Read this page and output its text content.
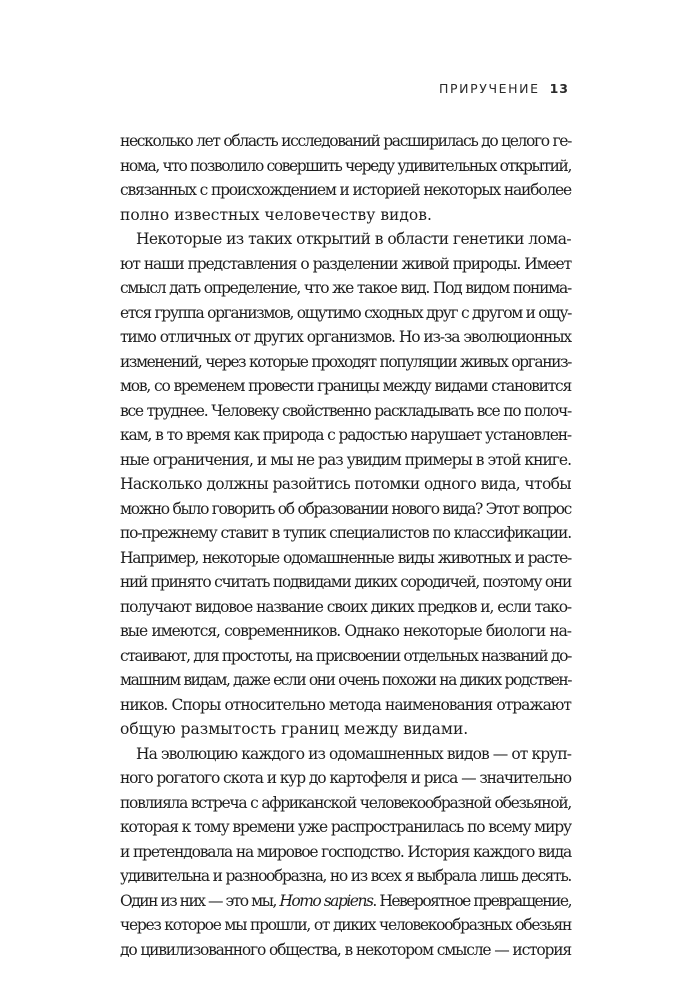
ПРИРУЧЕНИЕ 13
несколько лет область исследований расширилась до целого ге-
нома, что позволило совершить череду удивительных открытий,
связанных с происхождением и историей некоторых наиболее
полно известных человечеству видов.
Некоторые из таких открытий в области генетики лома-
ют наши представления о разделении живой природы. Имеет
смысл дать определение, что же такое вид. Под видом понима-
ется группа организмов, ощутимо сходных друг с другом и ощу-
тимо отличных от других организмов. Но из-за эволюционных
изменений, через которые проходят популяции живых организ-
мов, со временем провести границы между видами становится
все труднее. Человеку свойственно раскладывать все по полоч-
кам, в то время как природа с радостью нарушает установлен-
ные ограничения, и мы не раз увидим примеры в этой книге.
Насколько должны разойтись потомки одного вида, чтобы
можно было говорить об образовании нового вида? Этот вопрос
по-прежнему ставит в тупик специалистов по классификации.
Например, некоторые одомашненные виды животных и расте-
ний принято считать подвидами диких сородичей, поэтому они
получают видовое название своих диких предков и, если тако-
вые имеются, современников. Однако некоторые биологи на-
стаивают, для простоты, на присвоении отдельных названий до-
машним видам, даже если они очень похожи на диких родствен-
ников. Споры относительно метода наименования отражают
общую размытость границ между видами.
На эволюцию каждого из одомашненных видов — от круп-
ного рогатого скота и кур до картофеля и риса — значительно
повлияла встреча с африканской человекообразной обезьяной,
которая к тому времени уже распространилась по всему миру
и претендовала на мировое господство. История каждого вида
удивительна и разнообразна, но из всех я выбрала лишь десять.
Один из них — это мы, Homo sapiens. Невероятное превращение,
через которое мы прошли, от диких человекообразных обезьян
до цивилизованного общества, в некотором смысле — история
